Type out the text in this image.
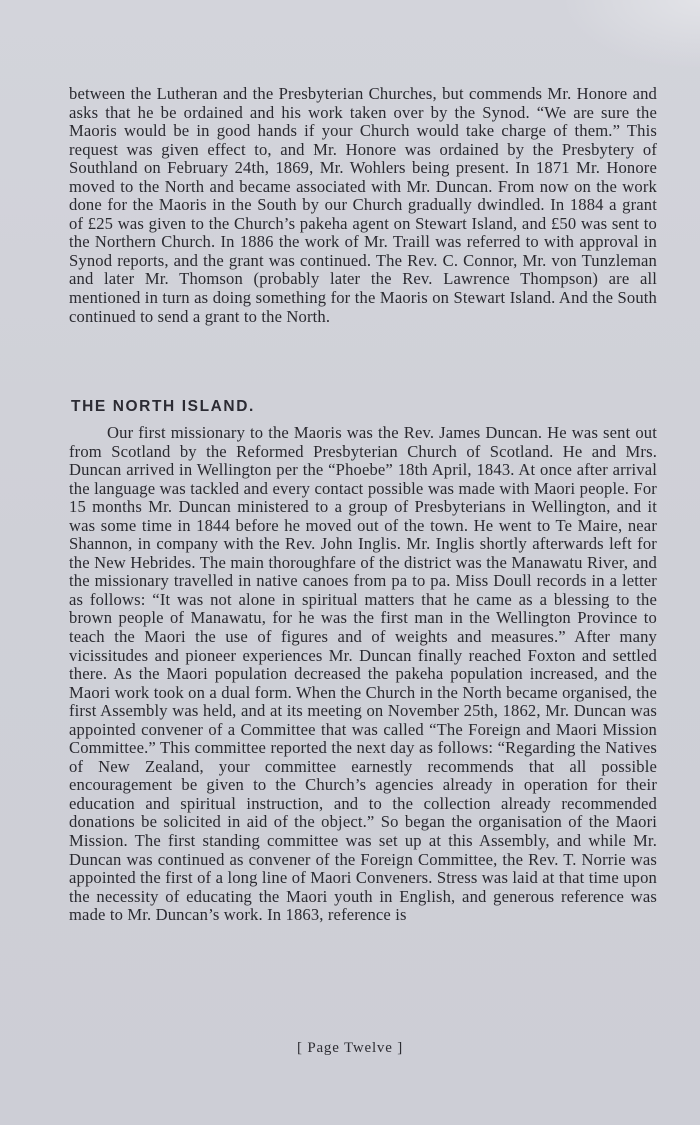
between the Lutheran and the Presbyterian Churches, but commends Mr. Honore and asks that he be ordained and his work taken over by the Synod. “We are sure the Maoris would be in good hands if your Church would take charge of them.” This request was given effect to, and Mr. Honore was ordained by the Presbytery of Southland on February 24th, 1869, Mr. Wohlers being present. In 1871 Mr. Honore moved to the North and became associated with Mr. Duncan. From now on the work done for the Maoris in the South by our Church gradually dwindled. In 1884 a grant of £25 was given to the Church’s pakeha agent on Stewart Island, and £50 was sent to the Northern Church. In 1886 the work of Mr. Traill was referred to with approval in Synod reports, and the grant was continued. The Rev. C. Connor, Mr. von Tunzleman and later Mr. Thomson (probably later the Rev. Lawrence Thompson) are all mentioned in turn as doing something for the Maoris on Stewart Island. And the South continued to send a grant to the North.

THE NORTH ISLAND.

Our first missionary to the Maoris was the Rev. James Duncan. He was sent out from Scotland by the Reformed Presbyterian Church of Scotland. He and Mrs. Duncan arrived in Wellington per the “Phoebe” 18th April, 1843. At once after arrival the language was tackled and every contact possible was made with Maori people. For 15 months Mr. Duncan ministered to a group of Presbyterians in Wellington, and it was some time in 1844 before he moved out of the town. He went to Te Maire, near Shannon, in company with the Rev. John Inglis. Mr. Inglis shortly afterwards left for the New Hebrides. The main thoroughfare of the district was the Manawatu River, and the missionary travelled in native canoes from pa to pa. Miss Doull records in a letter as follows: “It was not alone in spiritual matters that he came as a blessing to the brown people of Manawatu, for he was the first man in the Wellington Province to teach the Maori the use of figures and of weights and measures.” After many vicissitudes and pioneer experiences Mr. Duncan finally reached Foxton and settled there. As the Maori population decreased the pakeha population increased, and the Maori work took on a dual form. When the Church in the North became organised, the first Assembly was held, and at its meeting on November 25th, 1862, Mr. Duncan was appointed convener of a Committee that was called “The Foreign and Maori Mission Committee.” This committee reported the next day as follows: “Regarding the Natives of New Zealand, your committee earnestly recommends that all possible encouragement be given to the Church’s agencies already in operation for their education and spiritual instruction, and to the collection already recommended donations be solicited in aid of the object.” So began the organisation of the Maori Mission. The first standing committee was set up at this Assembly, and while Mr. Duncan was continued as convener of the Foreign Committee, the Rev. T. Norrie was appointed the first of a long line of Maori Conveners. Stress was laid at that time upon the necessity of educating the Maori youth in English, and generous reference was made to Mr. Duncan’s work. In 1863, reference is

[ Page Twelve ]
